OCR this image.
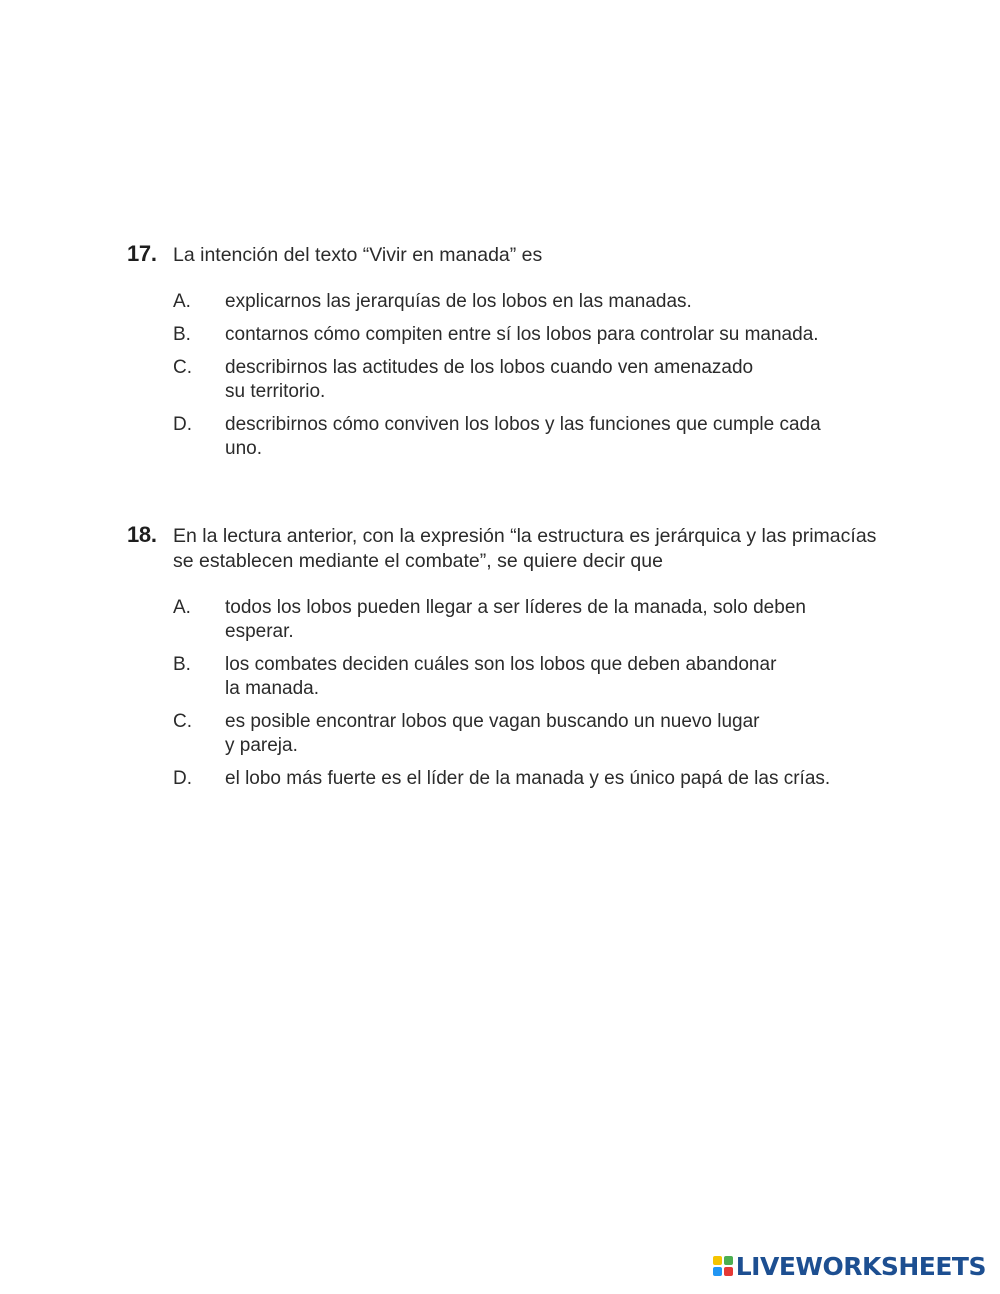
17. La intención del texto “Vivir en manada” es
A.	explicarnos las jerarquías de los lobos en las manadas.
B.	contarnos cómo compiten entre sí los lobos para controlar su manada.
C.	describirnos las actitudes de los lobos cuando ven amenazado
su territorio.
D.	describirnos cómo conviven los lobos y las funciones que cumple cada
uno.
18. En la lectura anterior, con la expresión “la estructura es jerárquica y las primacías
se establecen mediante el combate”, se quiere decir que
A.	todos los lobos pueden llegar a ser líderes de la manada, solo deben
esperar.
B.	los combates deciden cuáles son los lobos que deben abandonar
la manada.
C.	es posible encontrar lobos que vagan buscando un nuevo lugar
y pareja.
D.	el lobo más fuerte es el líder de la manada y es único papá de las crías.
LIVEWORKSHEETS
